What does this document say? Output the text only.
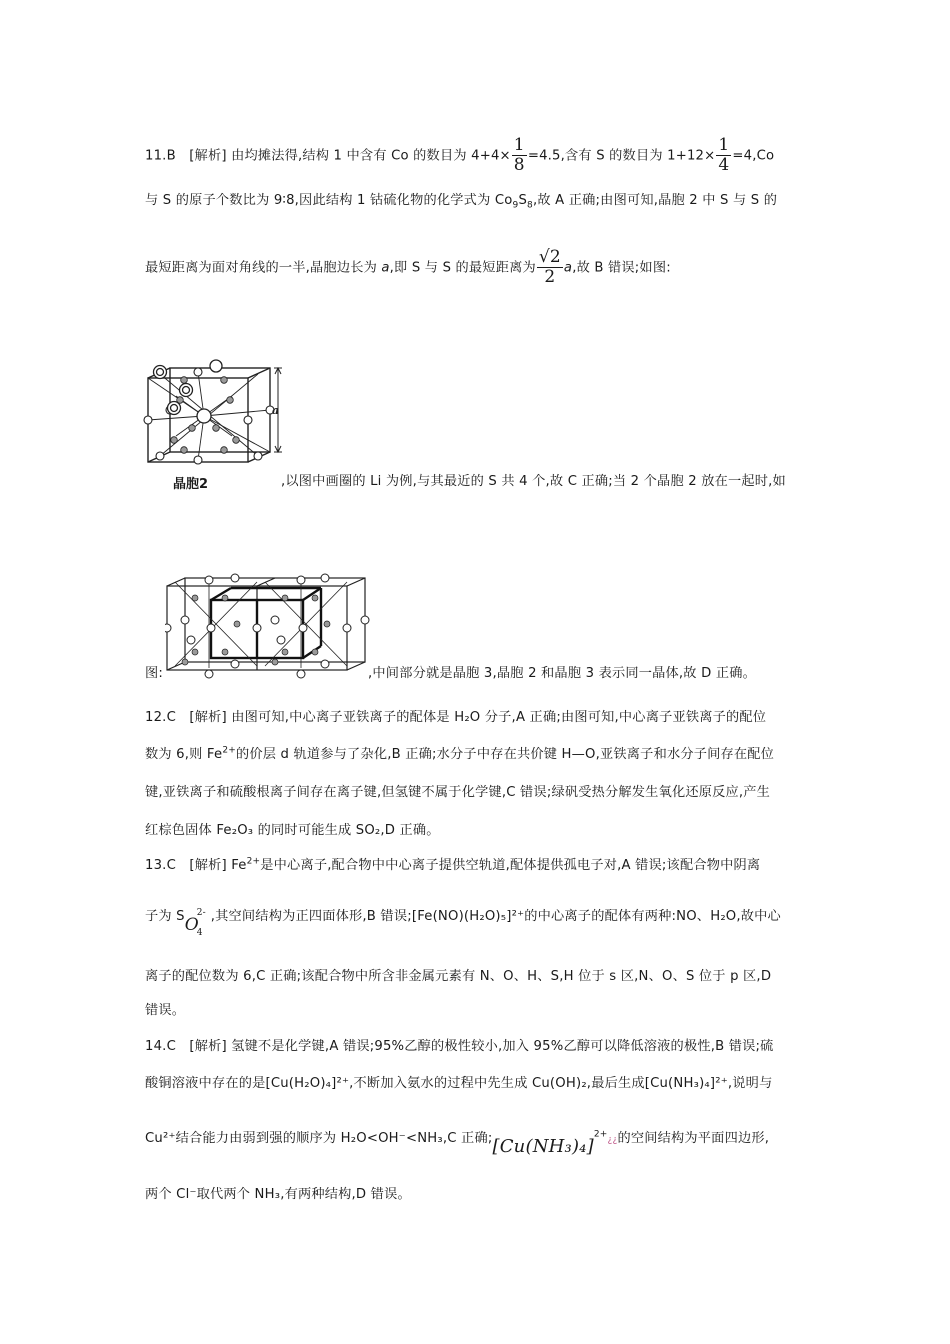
11.B　[解析] 由均摊法得,结构 1 中含有 Co 的数目为 $4+4\times \frac{1}{8} =4.5$,含有 S 的数目为 $1+12\times \frac{1}{4} =4,Co$
与 S 的原子个数比为 9∶8,因此结构 1 钴硫化物的化学式为 $Co_9S_8$,故 A 正确;由图可知,晶胞 2 中 S 与 S 的
最短距离为面对角线的一半,晶胞边长为 a,即 S 与 S 的最短距离为 $\frac{√2}{2} a$,故 B 错误;如图:
a
晶胞2	,以图中画圈的 Li 为例,与其最近的 S 共 4 个,故 C 正确;当 2 个晶胞 2 放在一起时,如
图:	,中间部分就是晶胞 3,晶胞 2 和晶胞 3 表示同一晶体,故 D 正确。
12.C　[解析] 由图可知,中心离子亚铁离子的配体是 H₂O 分子,A 正确;由图可知,中心离子亚铁离子的配位
数为 6,则 $Fe^{2+}$的价层 d 轨道参与了杂化,B 正确;水分子中存在共价键 H—O,亚铁离子和水分子间存在配位
键,亚铁离子和硫酸根离子间存在离子键,但氢键不属于化学键,C 错误;绿矾受热分解发生氧化还原反应,产生
红棕色固体 Fe₂O₃ 的同时可能生成 SO₂,D 正确。
13.C　[解析] $Fe^{2+}$是中心离子,配合物中中心离子提供空轨道,配体提供孤电子对,A 错误;该配合物中阴离
子为 SO
2-
4
,其空间结构为正四面体形,B 错误;[Fe(NO)(H₂O)₅]²⁺的中心离子的配体有两种:NO、H₂O,故中心
离子的配位数为 6,C 正确;该配合物中所含非金属元素有 N、O、H、S,H 位于 s 区,N、O、S 位于 p 区,D
错误。
14.C　[解析] 氢键不是化学键,A 错误;95%乙醇的极性较小,加入 95%乙醇可以降低溶液的极性,B 错误;硫
酸铜溶液中存在的是[Cu(H₂O)₄]²⁺,不断加入氨水的过程中先生成 Cu(OH)₂,最后生成[Cu(NH₃)₄]²⁺,说明与
Cu²⁺结合能力由弱到强的顺序为 H₂O<OH⁻<NH₃,C 正确$;[Cu(NH_3)_4]^{2+}¿¿$的空间结构为平面四边形,
两个 Cl⁻取代两个 NH₃,有两种结构,D 错误。
